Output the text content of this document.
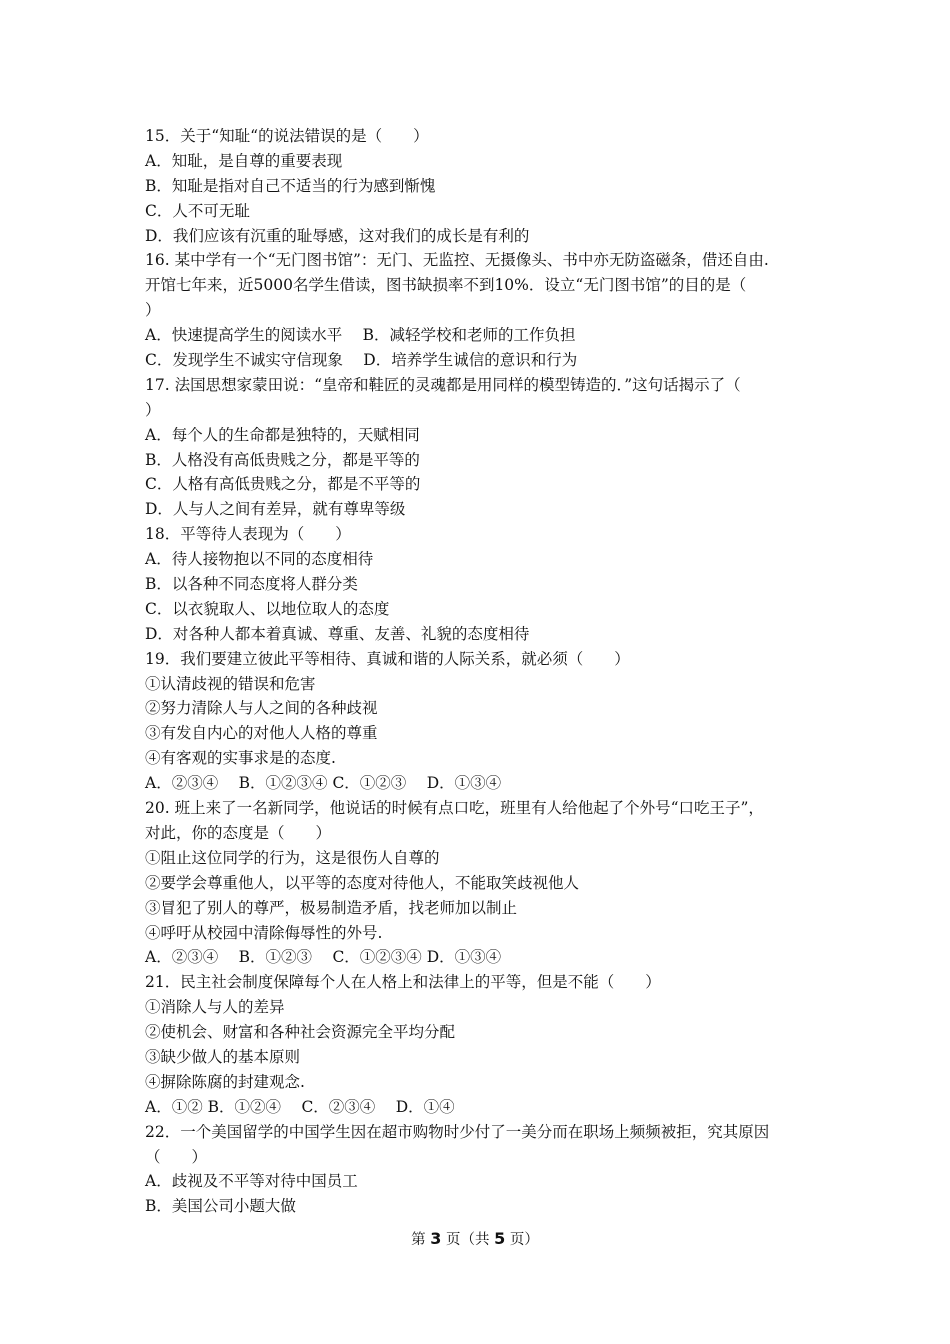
15．关于“知耻“的说法错误的是（　　）
A．知耻，是自尊的重要表现
B．知耻是指对自己不适当的行为感到惭愧
C．人不可无耻
D．我们应该有沉重的耻辱感，这对我们的成长是有利的
16. 某中学有一个“无门图书馆”：无门、无监控、无摄像头、书中亦无防盗磁条，借还自由.
开馆七年来，近5000名学生借读，图书缺损率不到10%．设立“无门图书馆”的目的是（
）
A．快速提高学生的阅读水平　 B．减轻学校和老师的工作负担
C．发现学生不诚实守信现象　 D．培养学生诚信的意识和行为
17. 法国思想家蒙田说：“皇帝和鞋匠的灵魂都是用同样的模型铸造的．”这句话揭示了（
）
A．每个人的生命都是独特的，天赋相同
B．人格没有高低贵贱之分，都是平等的
C．人格有高低贵贱之分，都是不平等的
D．人与人之间有差异，就有尊卑等级
18．平等待人表现为（　　）
A．待人接物抱以不同的态度相待
B．以各种不同态度将人群分类
C．以衣貌取人、以地位取人的态度
D．对各种人都本着真诚、尊重、友善、礼貌的态度相待
19．我们要建立彼此平等相待、真诚和谐的人际关系，就必须（　　）
①认清歧视的错误和危害
②努力清除人与人之间的各种歧视
③有发自内心的对他人人格的尊重
④有客观的实事求是的态度.
A．②③④　 B．①②③④ C．①②③　 D．①③④
20. 班上来了一名新同学，他说话的时候有点口吃，班里有人给他起了个外号“口吃王子”，
对此，你的态度是（　　）
①阻止这位同学的行为，这是很伤人自尊的
②要学会尊重他人，以平等的态度对待他人，不能取笑歧视他人
③冒犯了别人的尊严，极易制造矛盾，找老师加以制止
④呼吁从校园中清除侮辱性的外号.
A．②③④　 B．①②③　 C．①②③④ D．①③④
21．民主社会制度保障每个人在人格上和法律上的平等，但是不能（　　）
①消除人与人的差异
②使机会、财富和各种社会资源完全平均分配
③缺少做人的基本原则
④摒除陈腐的封建观念.
A．①② B．①②④　 C．②③④　 D．①④
22．一个美国留学的中国学生因在超市购物时少付了一美分而在职场上频频被拒，究其原因
（　　）
A．歧视及不平等对待中国员工
B．美国公司小题大做
第 3 页（共 5 页）
